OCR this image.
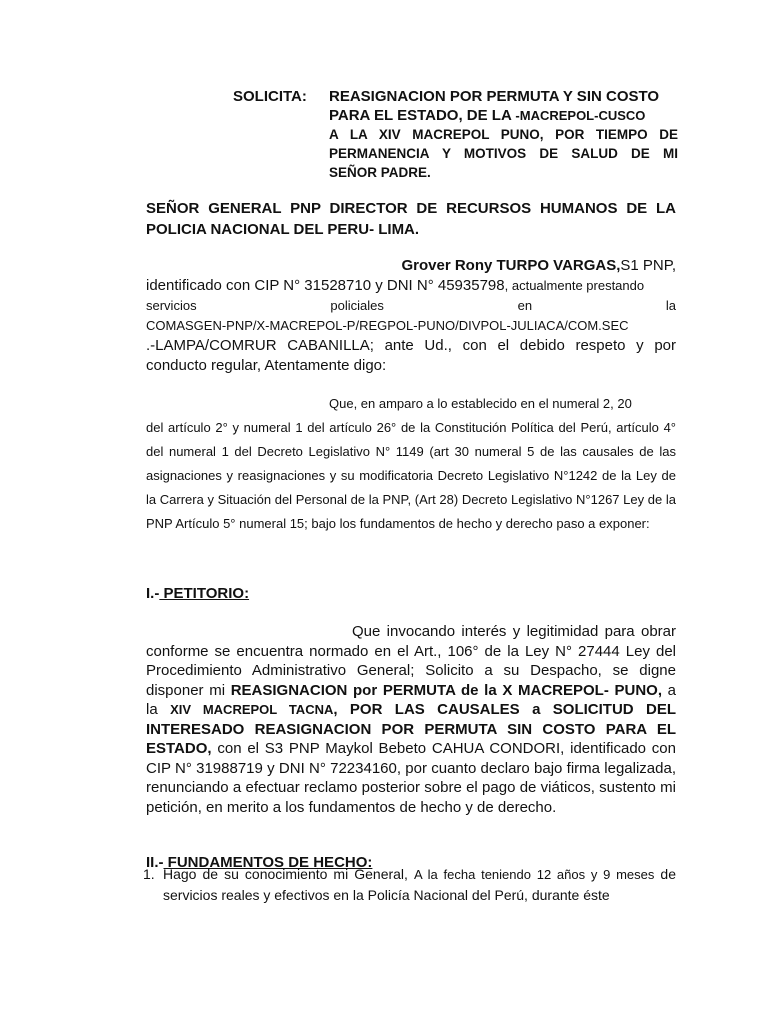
SOLICITA: REASIGNACION POR PERMUTA Y SIN COSTO

PARA EL ESTADO, DE LA -MACREPOL-CUSCO

A LA XIV MACREPOL PUNO, POR TIEMPO DE

PERMANENCIA Y MOTIVOS DE SALUD DE MI

SEÑOR PADRE.

SEÑOR GENERAL PNP DIRECTOR DE RECURSOS HUMANOS DE LA POLICIA NACIONAL DEL PERU- LIMA.

Grover Rony TURPO VARGAS, S1 PNP,

identificado con CIP N° 31528710 y DNI N° 45935798, actualmente prestando

servicios policiales en la

COMASGEN-PNP/X-MACREPOL-P/REGPOL-PUNO/DIVPOL-JULIACA/COM.SEC

.-LAMPA/COMRUR CABANILLA; ante Ud., con el debido respeto y por conducto regular, Atentamente digo:

Que, en amparo a lo establecido en el numeral 2, 20

del artículo 2° y numeral 1 del artículo 26° de la Constitución Política del Perú, artículo 4° del numeral 1 del Decreto Legislativo N° 1149 (art 30 numeral 5 de las causales de las asignaciones y reasignaciones y su modificatoria Decreto Legislativo N°1242 de la Ley de la Carrera y Situación del Personal de la PNP, (Art 28) Decreto Legislativo N°1267 Ley de la PNP Artículo 5° numeral 15; bajo los fundamentos de hecho y derecho paso a exponer:

I.- PETITORIO:

Que invocando interés y legitimidad para obrar conforme se encuentra normado en el Art., 106° de la Ley N° 27444 Ley del Procedimiento Administrativo General; Solicito a su Despacho, se digne disponer mi REASIGNACION por PERMUTA de la X MACREPOL- PUNO, a la XIV MACREPOL TACNA, POR LAS CAUSALES a SOLICITUD DEL INTERESADO REASIGNACION POR PERMUTA SIN COSTO PARA EL ESTADO, con el S3 PNP Maykol Bebeto CAHUA CONDORI, identificado con CIP N° 31988719 y DNI N° 72234160, por cuanto declaro bajo firma legalizada, renunciando a efectuar reclamo posterior sobre el pago de viáticos, sustento mi petición, en merito a los fundamentos de hecho y de derecho.

II.- FUNDAMENTOS DE HECHO:
1. Hago de su conocimiento mi General, A la fecha teniendo 12 años y 9 meses de servicios reales y efectivos en la Policía Nacional del Perú, durante éste
